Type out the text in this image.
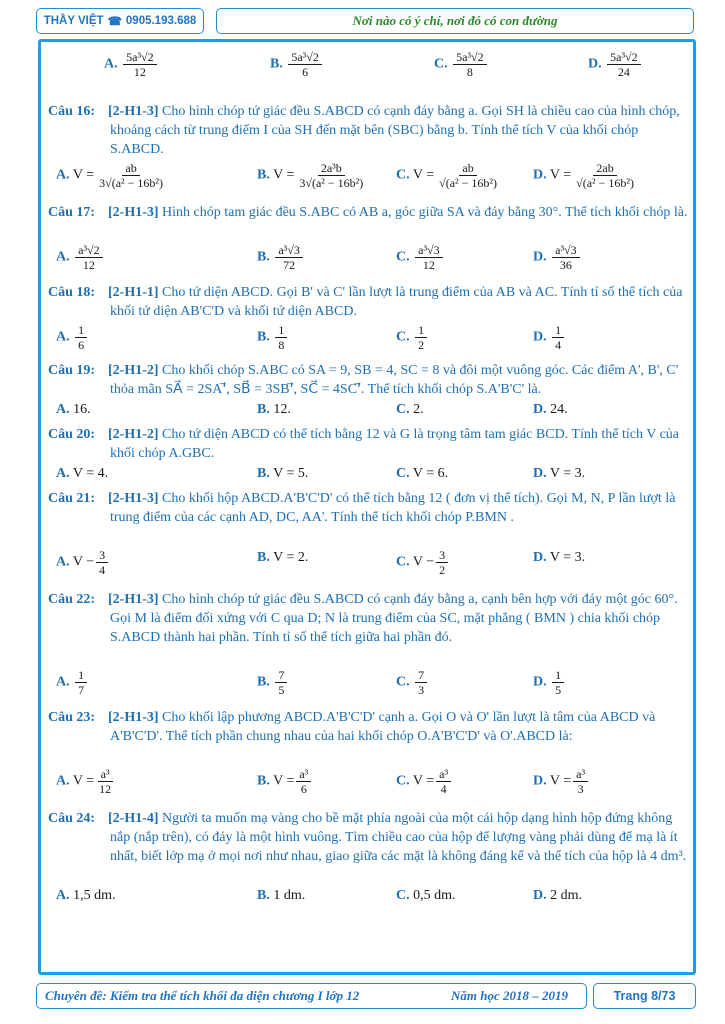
THẦY VIỆT ☎ 0905.193.688	Nơi nào có ý chí, nơi đó có con đường
A. $\frac{\text{5a³√2}}{12}$	B. $\frac{\text{5a³√2}}{6}$	C. $\frac{\text{5a³√2}}{8}$	D. $\frac{\text{5a³√2}}{24}$
Câu 16: [2-H1-3] Cho hình chóp tứ giác đều S.ABCD có cạnh đáy bằng a. Gọi SH là chiều cao của hình chóp, khoảng cách từ trung điểm I của SH đến mặt bên (SBC) bằng b. Tính thể tích V của khối chóp S.ABCD.
A. $V = \frac{ab}{\text{3√(a² − 16b²)}}$	B. $V = \frac{\text{2a³b}}{\text{3√(a² − 16b²)}} C$. $V = \frac{ab}{\text{√(a² − 16b²)}} D$. $V = \frac{2ab}{\text{√(a² − 16b²)}}$
Câu 17: [2-H1-3] Hình chóp tam giác đều S.ABC có AB a, góc giữa SA và đáy bằng 30°. Thể tích khối chóp là.
A. $\frac{\text{a³√2}}{12}$	B. $\frac{\text{a³√3}}{72}$	C. $\frac{\text{a³√3}}{12}$	D. $\frac{\text{a³√3}}{36}$
Câu 18: [2-H1-1] Cho tứ diện ABCD. Gọi B' và C' lần lượt là trung điểm của AB và AC. Tính tỉ số thể tích của khối tứ diện AB'C'D và khối tứ diện ABCD.
A. $\frac{1}{6}$	B. $\frac{1}{8}$	C. $\frac{1}{2}$	D. $\frac{1}{4}$
Câu 19: [2-H1-2] Cho khối chóp S.ABC có SA = 9, SB = 4, SC = 8 và đôi một vuông góc. Các điểm A', B', C' thỏa mãn SA⃗ = 2SA'⃗, SB⃗ = 3SB'⃗, SC⃗ = 4SC'⃗. Thể tích khối chóp S.A'B'C' là.
A. 16.	B. 12.	C. 2.	D. 24.
Câu 20: [2-H1-2] Cho tứ diện ABCD có thể tích bằng 12 và G là trọng tâm tam giác BCD. Tính thể tích V của khối chóp A.GBC.
A. V = 4.	B. V = 5.	C. V = 6.	D. V = 3.
Câu 21: [2-H1-3] Cho khối hộp ABCD.A'B'C'D' có thể tích bằng 12 ( đơn vị thể tích). Gọi M, N, P lần lượt là trung điểm của các cạnh AD, DC, AA'. Tính thể tích khối chóp P.BMN .
A. $V - \frac{3}{4}$	B. V = 2.	C. $V - \frac{3}{2}$	D. V = 3.
Câu 22: [2-H1-3] Cho hình chóp tứ giác đều S.ABCD có cạnh đáy bằng a, cạnh bên hợp với đáy một góc 60°. Gọi M là điểm đối xứng với C qua D; N là trung điểm của SC, mặt phẳng ( BMN ) chia khối chóp S.ABCD thành hai phần. Tính tỉ số thể tích giữa hai phần đó.
A. $\frac{1}{7}$	B. $\frac{7}{5}$	C. $\frac{7}{3}$	D. $\frac{1}{5}$
Câu 23: [2-H1-3] Cho khối lập phương ABCD.A'B'C'D' cạnh a. Gọi O và O' lần lượt là tâm của ABCD và A'B'C'D'. Thể tích phần chung nhau của hai khối chóp O.A'B'C'D' và O'.ABCD là:
A. $V = \frac{\text{a³}}{12}$	B. $V = \frac{\text{a³}}{6}$	C. $V = \frac{\text{a³}}{4}$	D. $V = \frac{\text{a³}}{3}$
Câu 24: [2-H1-4] Người ta muốn mạ vàng cho bề mặt phía ngoài của một cái hộp dạng hình hộp đứng không nắp (nắp trên), có đáy là một hình vuông. Tìm chiều cao của hộp để lượng vàng phải dùng để mạ là ít nhất, biết lớp mạ ở mọi nơi như nhau, giao giữa các mặt là không đáng kể và thể tích của hộp là 4 dm³.
A. 1,5 dm.	B. 1 dm.	C. 0,5 dm.	D. 2 dm.
Chuyên đề: Kiểm tra thể tích khối đa diện chương I lớp 12	Năm học 2018 – 2019	Trang 8/73
